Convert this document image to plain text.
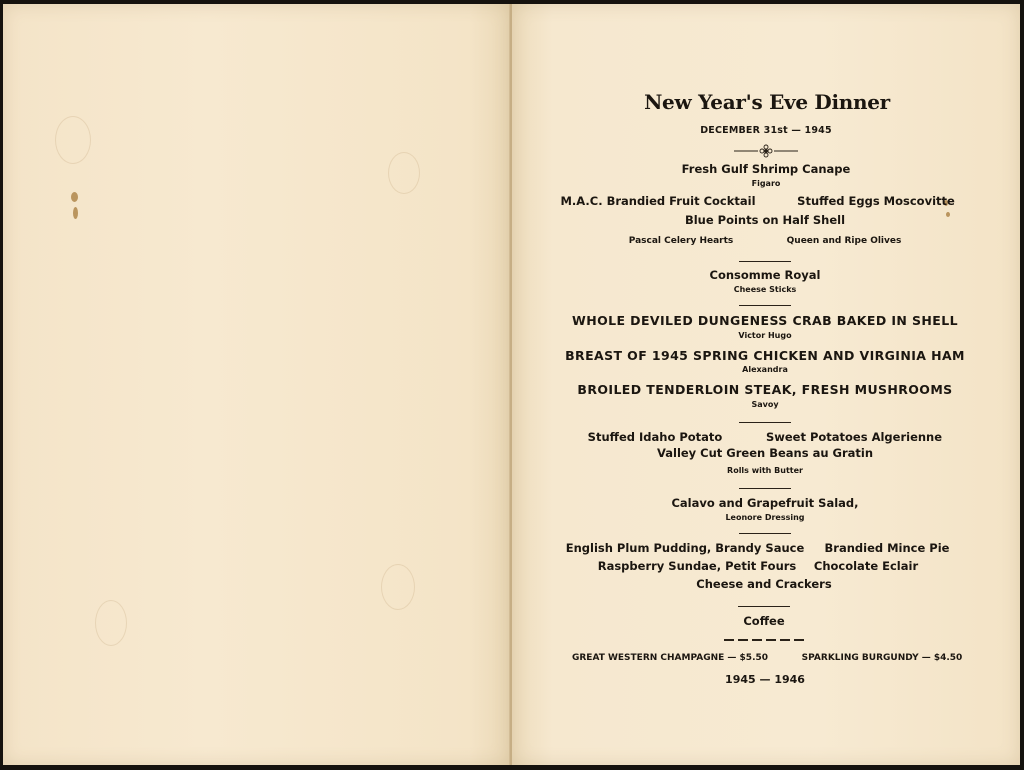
New Year's Eve Dinner
DECEMBER 31st — 1945
Fresh Gulf Shrimp Canape
Figaro
M.A.C. Brandied Fruit Cocktail	Stuffed Eggs Moscovitte
Blue Points on Half Shell
Pascal Celery Hearts	Queen and Ripe Olives
Consomme Royal
Cheese Sticks
WHOLE DEVILED DUNGENESS CRAB BAKED IN SHELL
Victor Hugo
BREAST OF 1945 SPRING CHICKEN AND VIRGINIA HAM
Alexandra
BROILED TENDERLOIN STEAK, FRESH MUSHROOMS
Savoy
Stuffed Idaho Potato	Sweet Potatoes Algerienne
Valley Cut Green Beans au Gratin
Rolls with Butter
Calavo and Grapefruit Salad,
Leonore Dressing
English Plum Pudding, Brandy Sauce Brandied Mince Pie
Raspberry Sundae, Petit Fours Chocolate Eclair
Cheese and Crackers
Coffee
GREAT WESTERN CHAMPAGNE — $5.50	SPARKLING BURGUNDY — $4.50
1945 — 1946
